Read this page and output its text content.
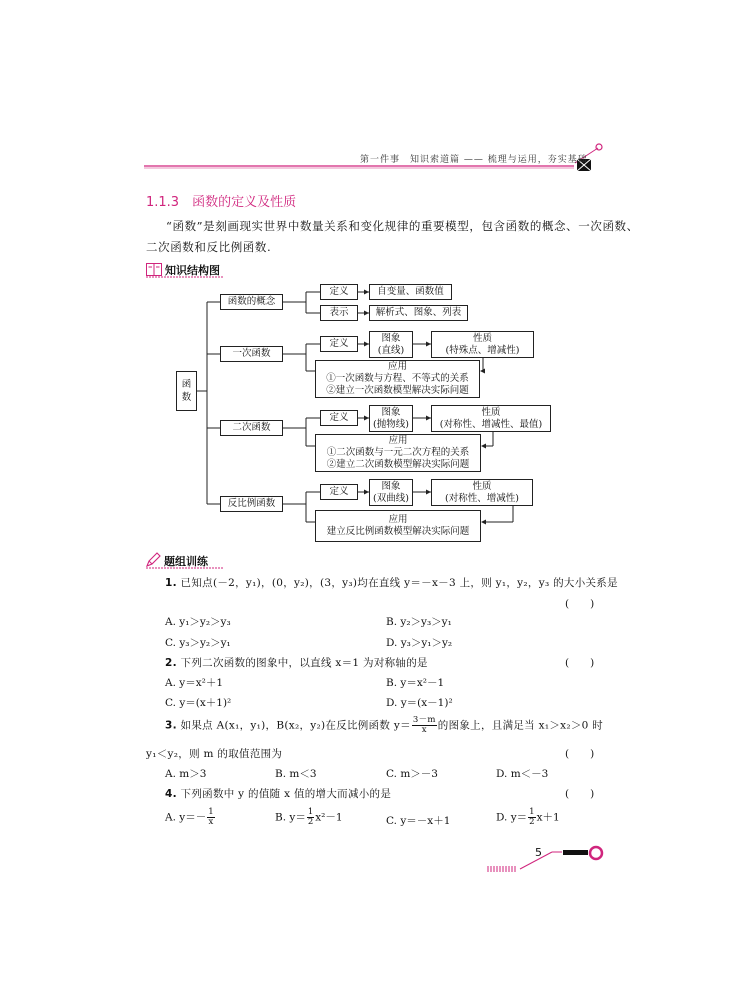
第一件事　知识索道篇 —— 梳理与运用，夯实基础
1.1.3　函数的定义及性质
“函数”是刻画现实世界中数量关系和变化规律的重要模型，包含函数的概念、一次函数、
二次函数和反比例函数.
知识结构图
函数
函数的概念
定义	自变量、函数值
表示	解析式、图象、列表
一次函数
定义	图象
(直线)
性质
(特殊点、增减性)
应用
①一次函数与方程、不等式的关系
②建立一次函数模型解决实际问题
二次函数
定义	图象
(抛物线)
性质
(对称性、增减性、最值)
应用
①二次函数与一元二次方程的关系
②建立二次函数模型解决实际问题
反比例函数
定义	图象
(双曲线)
性质
(对称性、增减性)
应用
建立反比例函数模型解决实际问题
题组训练
1. 已知点(－2，y₁)，(0，y₂)，(3，y₃)均在直线 y＝－x－3 上，则 y₁，y₂，y₃ 的大小关系是
(　　)
A. y₁＞y₂＞y₃	B. y₂＞y₃＞y₁
C. y₃＞y₂＞y₁	D. y₃＞y₁＞y₂
2. 下列二次函数的图象中，以直线 x＝1 为对称轴的是	(　　)
A. y＝x²＋1	B. y＝x²－1
C. y＝(x＋1)²	D. y＝(x－1)²
3. 如果点 A(x₁，y₁)，B(x₂，y₂)在反比例函数 $y= \frac{3-m}{x}$ 的图象上，且满足当 x₁＞x₂＞0 时
y₁＜y₂，则 m 的取值范围为	(　　)
A. m＞3	B. m＜3	C. m＞－3	D. m＜－3
4. 下列函数中 y 的值随 x 值的增大而减小的是	(　　)
A. $y=- \frac{1}{x}$	B. $y= \frac{1}{2} x^2-1$	C. y＝－x＋1	D. $y= \frac{1}{2} x+1$
5
